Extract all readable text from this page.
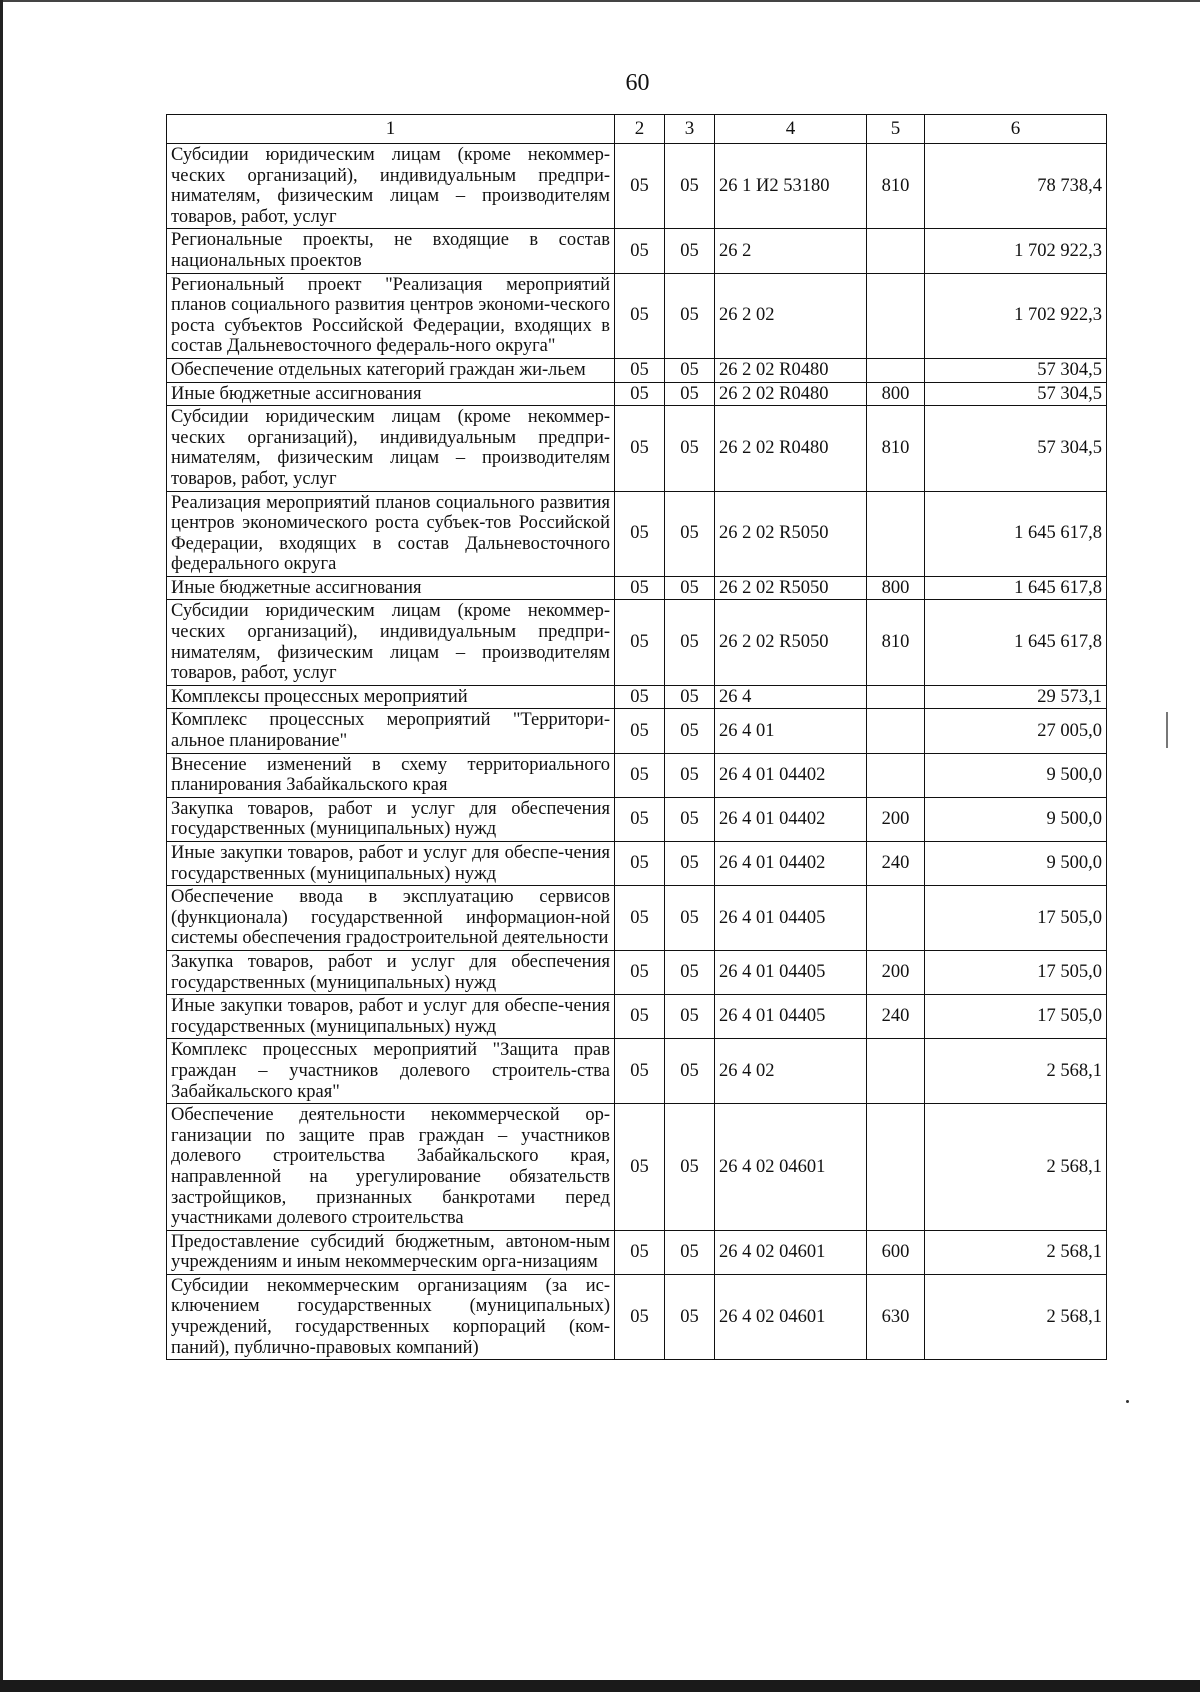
60
1	2	3	4	5	6
Субсидии юридическим лицам (кроме некоммер-ческих организаций), индивидуальным предпри-нимателям, физическим лицам – производителям товаров, работ, услуг	05	05	26 1 И2 53180	810	78 738,4
Региональные проекты, не входящие в состав национальных проектов	05	05	26 2		1 702 922,3
Региональный проект "Реализация мероприятий планов социального развития центров экономи-ческого роста субъектов Российской Федерации, входящих в состав Дальневосточного федераль-ного округа"	05	05	26 2 02		1 702 922,3
Обеспечение отдельных категорий граждан жи-льем	05	05	26 2 02 R0480		57 304,5
Иные бюджетные ассигнования	05	05	26 2 02 R0480	800	57 304,5
Субсидии юридическим лицам (кроме некоммер-ческих организаций), индивидуальным предпри-нимателям, физическим лицам – производителям товаров, работ, услуг	05	05	26 2 02 R0480	810	57 304,5
Реализация мероприятий планов социального развития центров экономического роста субъек-тов Российской Федерации, входящих в состав Дальневосточного федерального округа	05	05	26 2 02 R5050		1 645 617,8
Иные бюджетные ассигнования	05	05	26 2 02 R5050	800	1 645 617,8
Субсидии юридическим лицам (кроме некоммер-ческих организаций), индивидуальным предпри-нимателям, физическим лицам – производителям товаров, работ, услуг	05	05	26 2 02 R5050	810	1 645 617,8
Комплексы процессных мероприятий	05	05	26 4		29 573,1
Комплекс процессных мероприятий "Территори-альное планирование"	05	05	26 4 01		27 005,0
Внесение изменений в схему территориального планирования Забайкальского края	05	05	26 4 01 04402		9 500,0
Закупка товаров, работ и услуг для обеспечения государственных (муниципальных) нужд	05	05	26 4 01 04402	200	9 500,0
Иные закупки товаров, работ и услуг для обеспе-чения государственных (муниципальных) нужд	05	05	26 4 01 04402	240	9 500,0
Обеспечение ввода в эксплуатацию сервисов (функционала) государственной информацион-ной системы обеспечения градостроительной деятельности	05	05	26 4 01 04405		17 505,0
Закупка товаров, работ и услуг для обеспечения государственных (муниципальных) нужд	05	05	26 4 01 04405	200	17 505,0
Иные закупки товаров, работ и услуг для обеспе-чения государственных (муниципальных) нужд	05	05	26 4 01 04405	240	17 505,0
Комплекс процессных мероприятий "Защита прав граждан – участников долевого строитель-ства Забайкальского края"	05	05	26 4 02		2 568,1
Обеспечение деятельности некоммерческой ор-ганизации по защите прав граждан – участников долевого строительства Забайкальского края, направленной на урегулирование обязательств застройщиков, признанных банкротами перед участниками долевого строительства	05	05	26 4 02 04601		2 568,1
Предоставление субсидий бюджетным, автоном-ным учреждениям и иным некоммерческим орга-низациям	05	05	26 4 02 04601	600	2 568,1
Субсидии некоммерческим организациям (за ис-ключением государственных (муниципальных) учреждений, государственных корпораций (ком-паний), публично-правовых компаний)	05	05	26 4 02 04601	630	2 568,1
